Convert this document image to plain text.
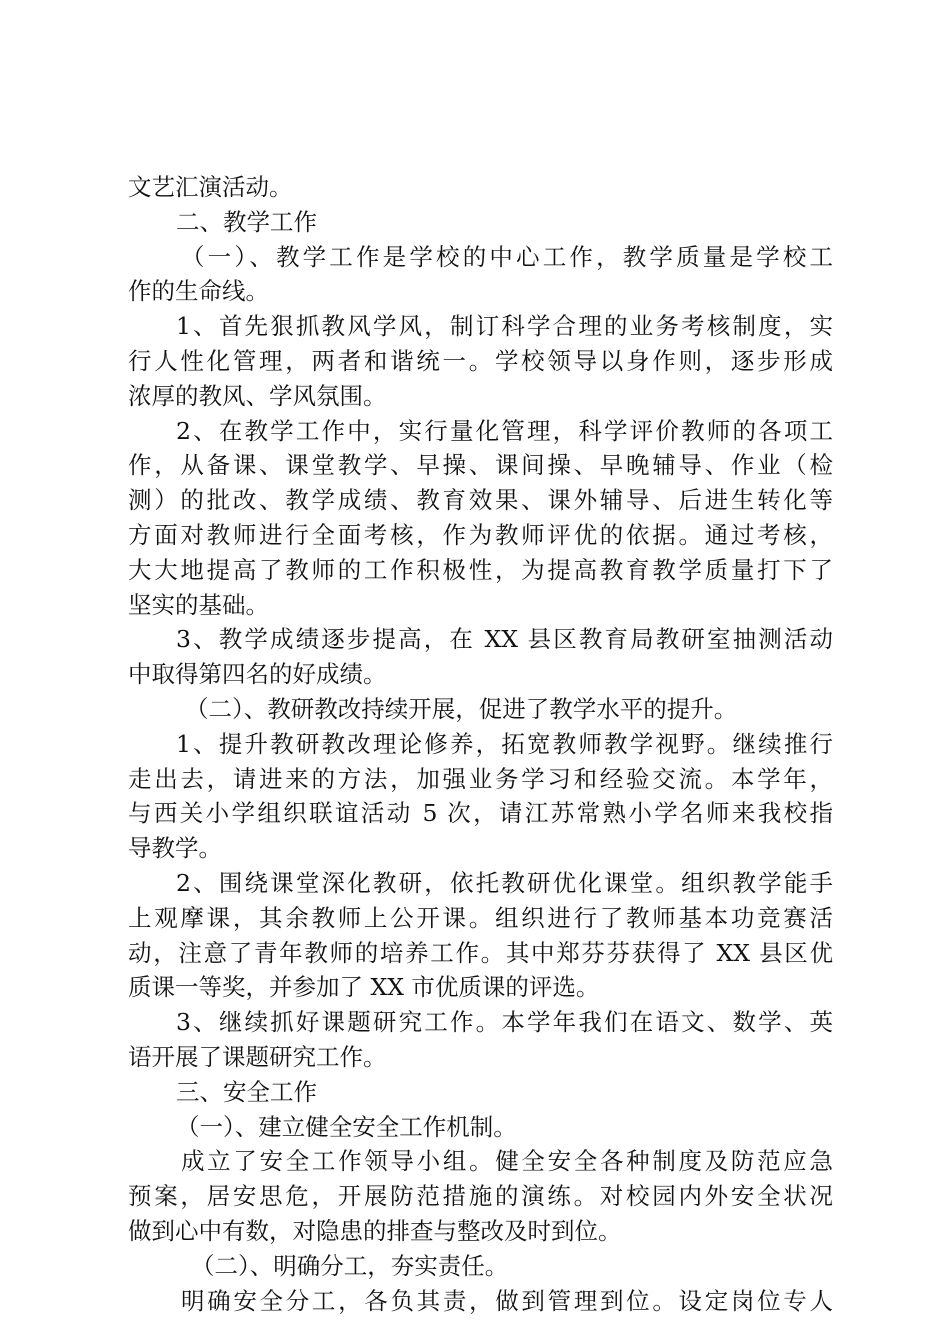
文艺汇演活动。
二、教学工作
（一）、教学工作是学校的中心工作，教学质量是学校工
作的生命线。
1、首先狠抓教风学风，制订科学合理的业务考核制度，实
行人性化管理，两者和谐统一。学校领导以身作则，逐步形成
浓厚的教风、学风氛围。
2、在教学工作中，实行量化管理，科学评价教师的各项工
作，从备课、课堂教学、早操、课间操、早晚辅导、作业（检
测）的批改、教学成绩、教育效果、课外辅导、后进生转化等
方面对教师进行全面考核，作为教师评优的依据。通过考核，
大大地提高了教师的工作积极性，为提高教育教学质量打下了
坚实的基础。
3、教学成绩逐步提高，在 XX 县区教育局教研室抽测活动
中取得第四名的好成绩。
（二）、教研教改持续开展，促进了教学水平的提升。
1、提升教研教改理论修养，拓宽教师教学视野。继续推行
走出去，请进来的方法，加强业务学习和经验交流。本学年，
与西关小学组织联谊活动 5 次，请江苏常熟小学名师来我校指
导教学。
2、围绕课堂深化教研，依托教研优化课堂。组织教学能手
上观摩课，其余教师上公开课。组织进行了教师基本功竞赛活
动，注意了青年教师的培养工作。其中郑芬芬获得了 XX 县区优
质课一等奖，并参加了 XX 市优质课的评选。
3、继续抓好课题研究工作。本学年我们在语文、数学、英
语开展了课题研究工作。
三、安全工作
（一）、建立健全安全工作机制。
成立了安全工作领导小组。健全安全各种制度及防范应急
预案，居安思危，开展防范措施的演练。对校园内外安全状况
做到心中有数，对隐患的排查与整改及时到位。
（二）、明确分工，夯实责任。
明确安全分工，各负其责，做到管理到位。设定岗位专人
